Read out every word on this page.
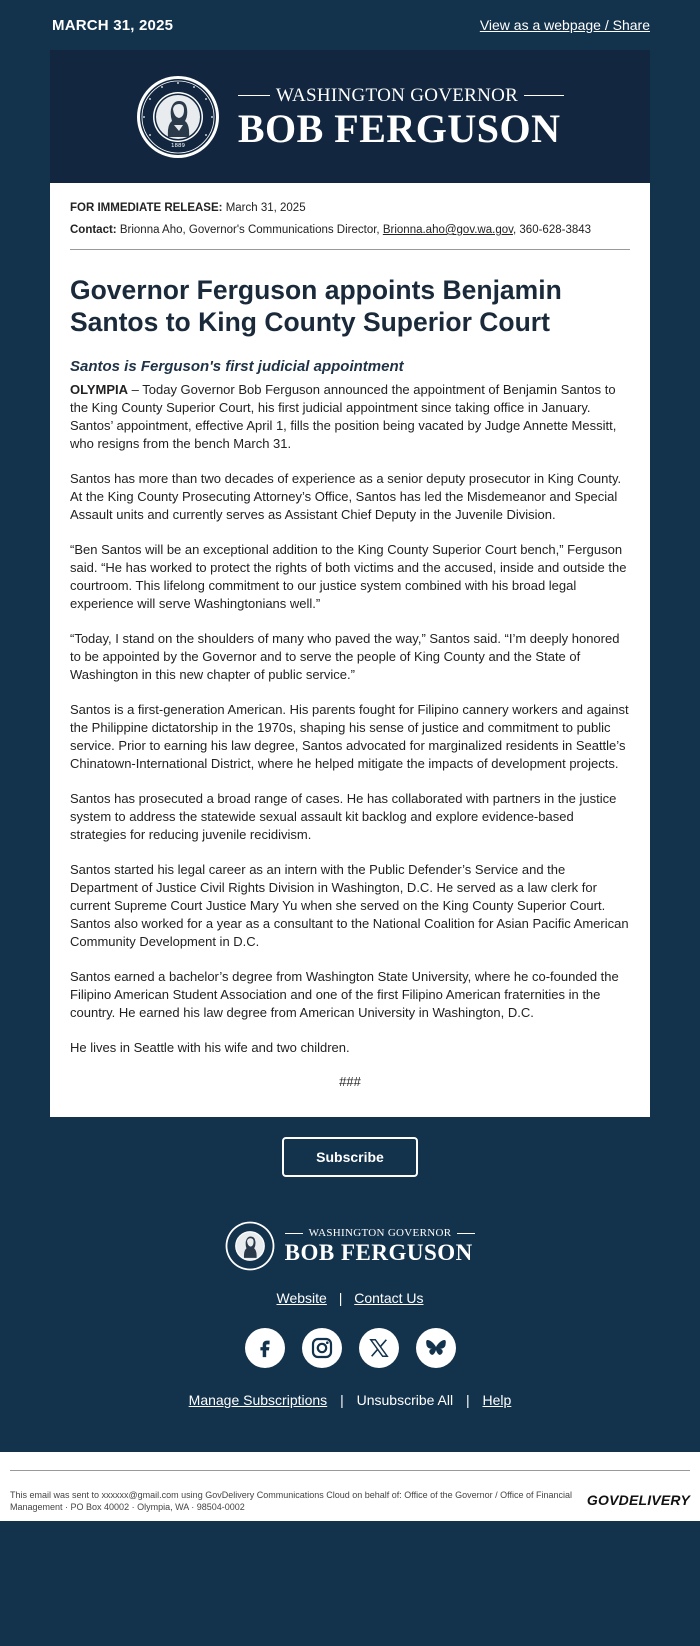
MARCH 31, 2025	View as a webpage / Share
1889
WASHINGTON GOVERNOR
BOB FERGUSON
FOR IMMEDIATE RELEASE: March 31, 2025
Contact: Brionna Aho, Governor's Communications Director, Brionna.aho@gov.wa.gov, 360-628-3843
Governor Ferguson appoints Benjamin Santos to King County Superior Court
Santos is Ferguson's first judicial appointment

OLYMPIA – Today Governor Bob Ferguson announced the appointment of Benjamin Santos to the King County Superior Court, his first judicial appointment since taking office in January. Santos’ appointment, effective April 1, fills the position being vacated by Judge Annette Messitt, who resigns from the bench March 31.

Santos has more than two decades of experience as a senior deputy prosecutor in King County. At the King County Prosecuting Attorney’s Office, Santos has led the Misdemeanor and Special Assault units and currently serves as Assistant Chief Deputy in the Juvenile Division.

“Ben Santos will be an exceptional addition to the King County Superior Court bench,” Ferguson said. “He has worked to protect the rights of both victims and the accused, inside and outside the courtroom. This lifelong commitment to our justice system combined with his broad legal experience will serve Washingtonians well.”

“Today, I stand on the shoulders of many who paved the way,” Santos said. “I’m deeply honored to be appointed by the Governor and to serve the people of King County and the State of Washington in this new chapter of public service.”

Santos is a first-generation American. His parents fought for Filipino cannery workers and against the Philippine dictatorship in the 1970s, shaping his sense of justice and commitment to public service. Prior to earning his law degree, Santos advocated for marginalized residents in Seattle’s Chinatown-International District, where he helped mitigate the impacts of development projects.

Santos has prosecuted a broad range of cases. He has collaborated with partners in the justice system to address the statewide sexual assault kit backlog and explore evidence-based strategies for reducing juvenile recidivism.

Santos started his legal career as an intern with the Public Defender’s Service and the Department of Justice Civil Rights Division in Washington, D.C. He served as a law clerk for current Supreme Court Justice Mary Yu when she served on the King County Superior Court. Santos also worked for a year as a consultant to the National Coalition for Asian Pacific American Community Development in D.C.

Santos earned a bachelor’s degree from Washington State University, where he co-founded the Filipino American Student Association and one of the first Filipino American fraternities in the country. He earned his law degree from American University in Washington, D.C.

He lives in Seattle with his wife and two children.

###
Subscribe
WASHINGTON GOVERNOR
BOB FERGUSON
Website | Contact Us
Manage Subscriptions | Unsubscribe All | Help
This email was sent to xxxxxx@gmail.com using GovDelivery Communications Cloud on behalf of: Office of the Governor / Office of Financial Management · PO Box 40002 · Olympia, WA · 98504-0002	GOVDELIVERY
